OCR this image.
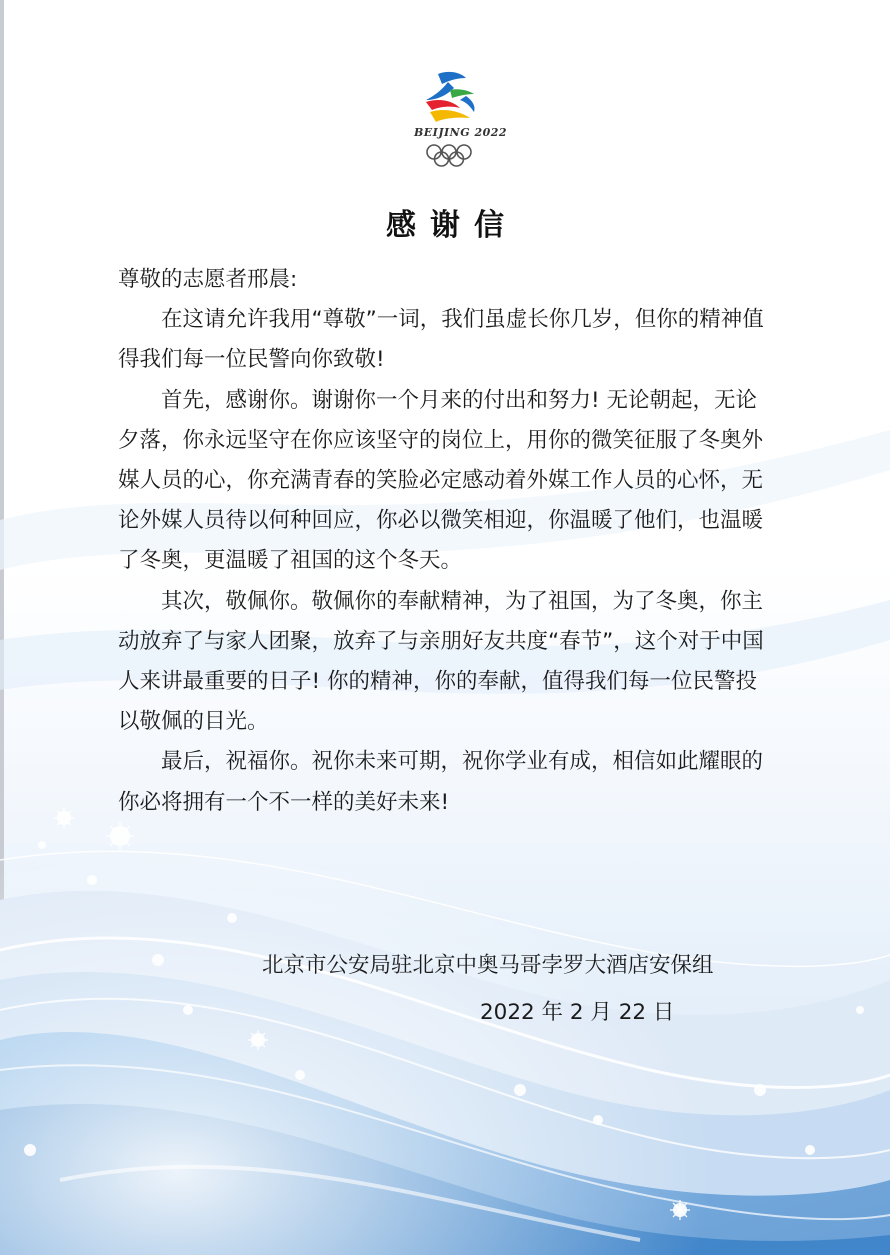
BEIJING 2022
感谢信

尊敬的志愿者邢晨:

在这请允许我用“尊敬”一词，我们虽虚长你几岁，但你的精神值得我们每一位民警向你致敬!

首先，感谢你。谢谢你一个月来的付出和努力! 无论朝起，无论夕落，你永远坚守在你应该坚守的岗位上，用你的微笑征服了冬奥外媒人员的心，你充满青春的笑脸必定感动着外媒工作人员的心怀，无论外媒人员待以何种回应，你必以微笑相迎，你温暖了他们，也温暖了冬奥，更温暖了祖国的这个冬天。

其次，敬佩你。敬佩你的奉献精神，为了祖国，为了冬奥，你主动放弃了与家人团聚，放弃了与亲朋好友共度“春节”，这个对于中国人来讲最重要的日子! 你的精神，你的奉献，值得我们每一位民警投以敬佩的目光。

最后，祝福你。祝你未来可期，祝你学业有成，相信如此耀眼的你必将拥有一个不一样的美好未来!

北京市公安局驻北京中奥马哥孛罗大酒店安保组
2022 年 2 月 22 日
